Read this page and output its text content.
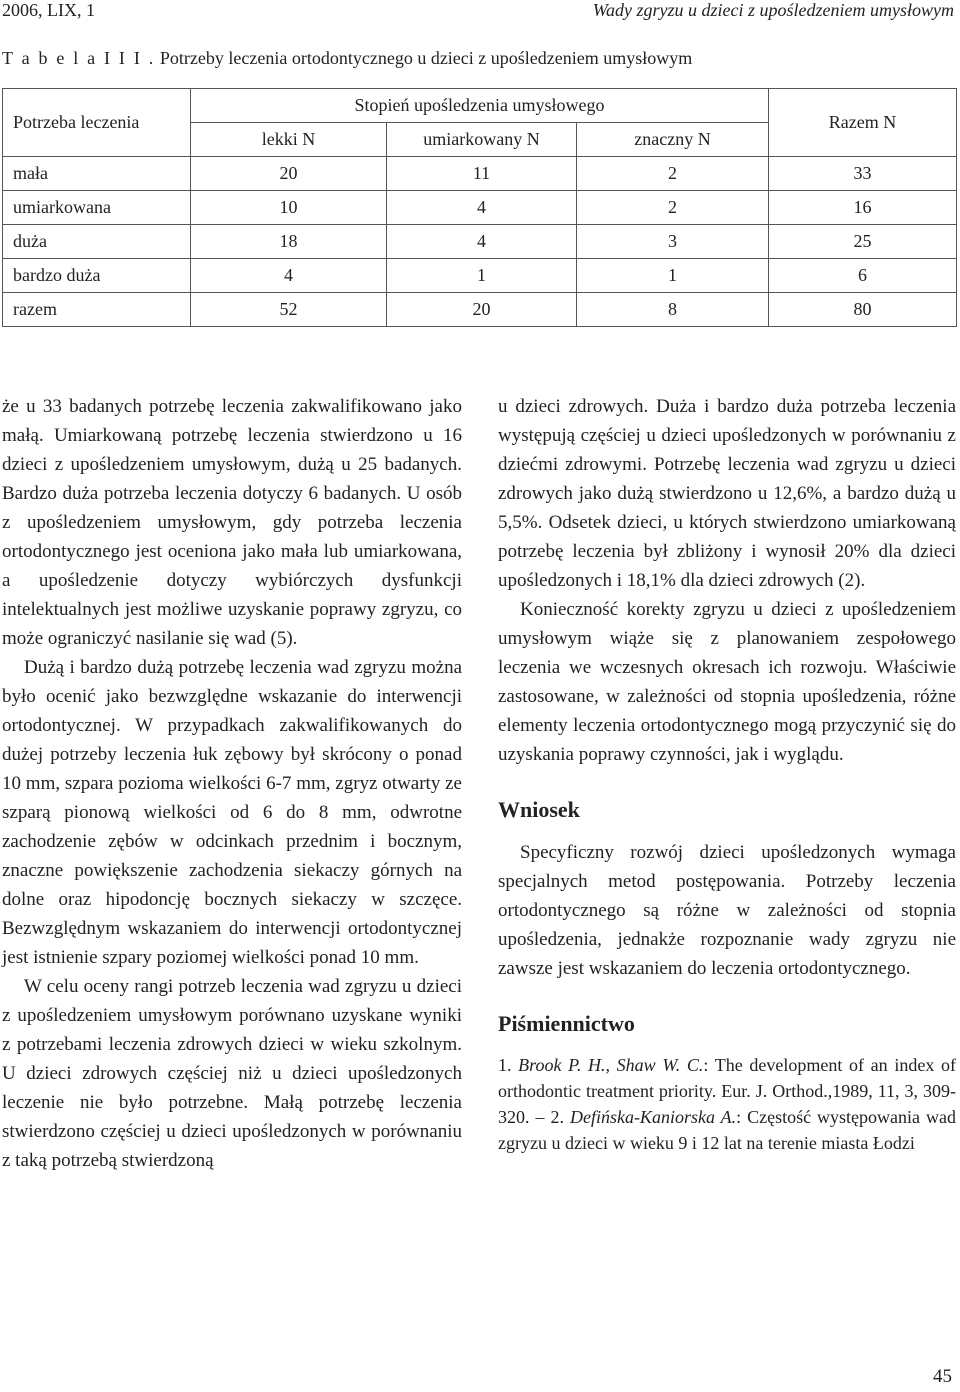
2006, LIX, 1	Wady zgryzu u dzieci z upośledzeniem umysłowym
T a b e l a I I I . Potrzeby leczenia ortodontycznego u dzieci z upośledzeniem umysłowym
Potrzeba leczenia	Stopień upośledzenia umysłowego			Razem N
	lekki N	umiarkowany N	znaczny N	
mała	20	11	2	33
umiarkowana	10	4	2	16
duża	18	4	3	25
bardzo duża	4	1	1	6
razem	52	20	8	80

że u 33 badanych potrzebę leczenia zakwalifikowano jako małą. Umiarkowaną potrzebę leczenia stwierdzono u 16 dzieci z upośledzeniem umysłowym, dużą u 25 badanych. Bardzo duża potrzeba leczenia dotyczy 6 badanych. U osób z upośledzeniem umysłowym, gdy potrzeba leczenia ortodontycznego jest oceniona jako mała lub umiarkowana, a upośledzenie dotyczy wybiórczych dysfunkcji intelektualnych jest możliwe uzyskanie poprawy zgryzu, co może ograniczyć nasilanie się wad (5).

Dużą i bardzo dużą potrzebę leczenia wad zgryzu można było ocenić jako bezwzględne wskazanie do interwencji ortodontycznej. W przypadkach zakwalifikowanych do dużej potrzeby leczenia łuk zębowy był skrócony o ponad 10 mm, szpara pozioma wielkości 6-7 mm, zgryz otwarty ze szparą pionową wielkości od 6 do 8 mm, odwrotne zachodzenie zębów w odcinkach przednim i bocznym, znaczne powiększenie zachodzenia siekaczy górnych na dolne oraz hipodoncję bocznych siekaczy w szczęce. Bezwzględnym wskazaniem do interwencji ortodontycznej jest istnienie szpary poziomej wielkości ponad 10 mm.

W celu oceny rangi potrzeb leczenia wad zgryzu u dzieci z upośledzeniem umysłowym porównano uzyskane wyniki z potrzebami leczenia zdrowych dzieci w wieku szkolnym. U dzieci zdrowych częściej niż u dzieci upośledzonych leczenie nie było potrzebne. Małą potrzebę leczenia stwierdzono częściej u dzieci upośledzonych w porównaniu z taką potrzebą stwierdzoną

u dzieci zdrowych. Duża i bardzo duża potrzeba leczenia występują częściej u dzieci upośledzonych w porównaniu z dziećmi zdrowymi. Potrzebę leczenia wad zgryzu u dzieci zdrowych jako dużą stwierdzono u 12,6%, a bardzo dużą u 5,5%. Odsetek dzieci, u których stwierdzono umiarkowaną potrzebę leczenia był zbliżony i wynosił 20% dla dzieci upośledzonych i 18,1% dla dzieci zdrowych (2).

Konieczność korekty zgryzu u dzieci z upośledzeniem umysłowym wiąże się z planowaniem zespołowego leczenia we wczesnych okresach ich rozwoju. Właściwie zastosowane, w zależności od stopnia upośledzenia, różne elementy leczenia ortodontycznego mogą przyczynić się do uzyskania poprawy czynności, jak i wyglądu.

Wniosek

Specyficzny rozwój dzieci upośledzonych wymaga specjalnych metod postępowania. Potrzeby leczenia ortodontycznego są różne w zależności od stopnia upośledzenia, jednakże rozpoznanie wady zgryzu nie zawsze jest wskazaniem do leczenia ortodontycznego.

Piśmiennictwo
1. Brook P. H., Shaw W. C.: The development of an index of orthodontic treatment priority. Eur. J. Orthod.,1989, 11, 3, 309-320. – 2. Defińska-Kaniorska A.: Częstość występowania wad zgryzu u dzieci w wieku 9 i 12 lat na terenie miasta Łodzi
45
